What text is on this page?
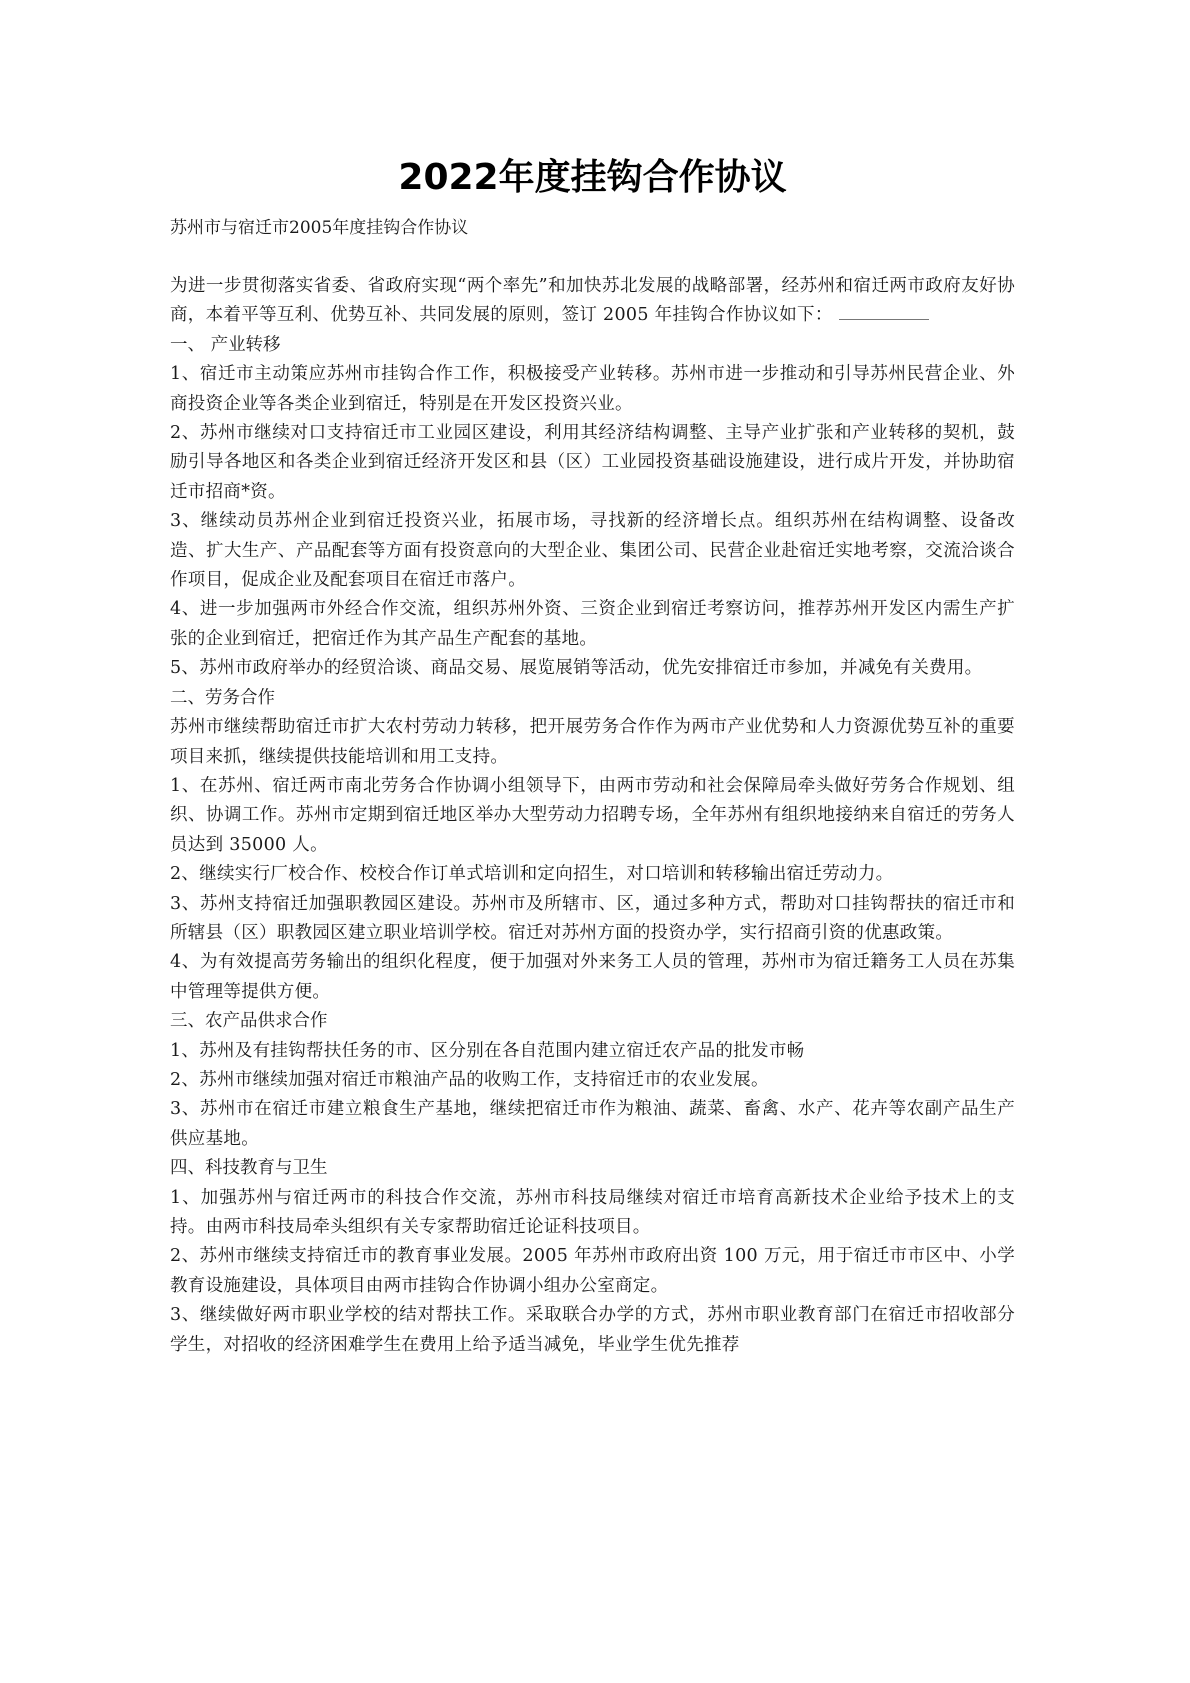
2022年度挂钩合作协议

苏州市与宿迁市2005年度挂钩合作协议

为进一步贯彻落实省委、省政府实现“两个率先”和加快苏北发展的战略部署，经苏州和宿迁两市政府友好协商，本着平等互利、优势互补、共同发展的原则，签订 2005 年挂钩合作协议如下：

一、 产业转移

1、宿迁市主动策应苏州市挂钩合作工作，积极接受产业转移。苏州市进一步推动和引导苏州民营企业、外商投资企业等各类企业到宿迁，特别是在开发区投资兴业。

2、苏州市继续对口支持宿迁市工业园区建设，利用其经济结构调整、主导产业扩张和产业转移的契机，鼓励引导各地区和各类企业到宿迁经济开发区和县（区）工业园投资基础设施建设，进行成片开发，并协助宿迁市招商*资。

3、继续动员苏州企业到宿迁投资兴业，拓展市场，寻找新的经济增长点。组织苏州在结构调整、设备改造、扩大生产、产品配套等方面有投资意向的大型企业、集团公司、民营企业赴宿迁实地考察，交流洽谈合作项目，促成企业及配套项目在宿迁市落户。

4、进一步加强两市外经合作交流，组织苏州外资、三资企业到宿迁考察访问，推荐苏州开发区内需生产扩张的企业到宿迁，把宿迁作为其产品生产配套的基地。

5、苏州市政府举办的经贸洽谈、商品交易、展览展销等活动，优先安排宿迁市参加，并减免有关费用。

二、劳务合作

苏州市继续帮助宿迁市扩大农村劳动力转移，把开展劳务合作作为两市产业优势和人力资源优势互补的重要项目来抓，继续提供技能培训和用工支持。

1、在苏州、宿迁两市南北劳务合作协调小组领导下，由两市劳动和社会保障局牵头做好劳务合作规划、组织、协调工作。苏州市定期到宿迁地区举办大型劳动力招聘专场，全年苏州有组织地接纳来自宿迁的劳务人员达到 35000 人。

2、继续实行厂校合作、校校合作订单式培训和定向招生，对口培训和转移输出宿迁劳动力。

3、苏州支持宿迁加强职教园区建设。苏州市及所辖市、区，通过多种方式，帮助对口挂钩帮扶的宿迁市和所辖县（区）职教园区建立职业培训学校。宿迁对苏州方面的投资办学，实行招商引资的优惠政策。

4、为有效提高劳务输出的组织化程度，便于加强对外来务工人员的管理，苏州市为宿迁籍务工人员在苏集中管理等提供方便。

三、农产品供求合作

1、苏州及有挂钩帮扶任务的市、区分别在各自范围内建立宿迁农产品的批发市畅

2、苏州市继续加强对宿迁市粮油产品的收购工作，支持宿迁市的农业发展。

3、苏州市在宿迁市建立粮食生产基地，继续把宿迁市作为粮油、蔬菜、畜禽、水产、花卉等农副产品生产供应基地。

四、科技教育与卫生

1、加强苏州与宿迁两市的科技合作交流，苏州市科技局继续对宿迁市培育高新技术企业给予技术上的支持。由两市科技局牵头组织有关专家帮助宿迁论证科技项目。

2、苏州市继续支持宿迁市的教育事业发展。2005 年苏州市政府出资 100 万元，用于宿迁市市区中、小学教育设施建设，具体项目由两市挂钩合作协调小组办公室商定。

3、继续做好两市职业学校的结对帮扶工作。采取联合办学的方式，苏州市职业教育部门在宿迁市招收部分学生，对招收的经济困难学生在费用上给予适当减免，毕业学生优先推荐
